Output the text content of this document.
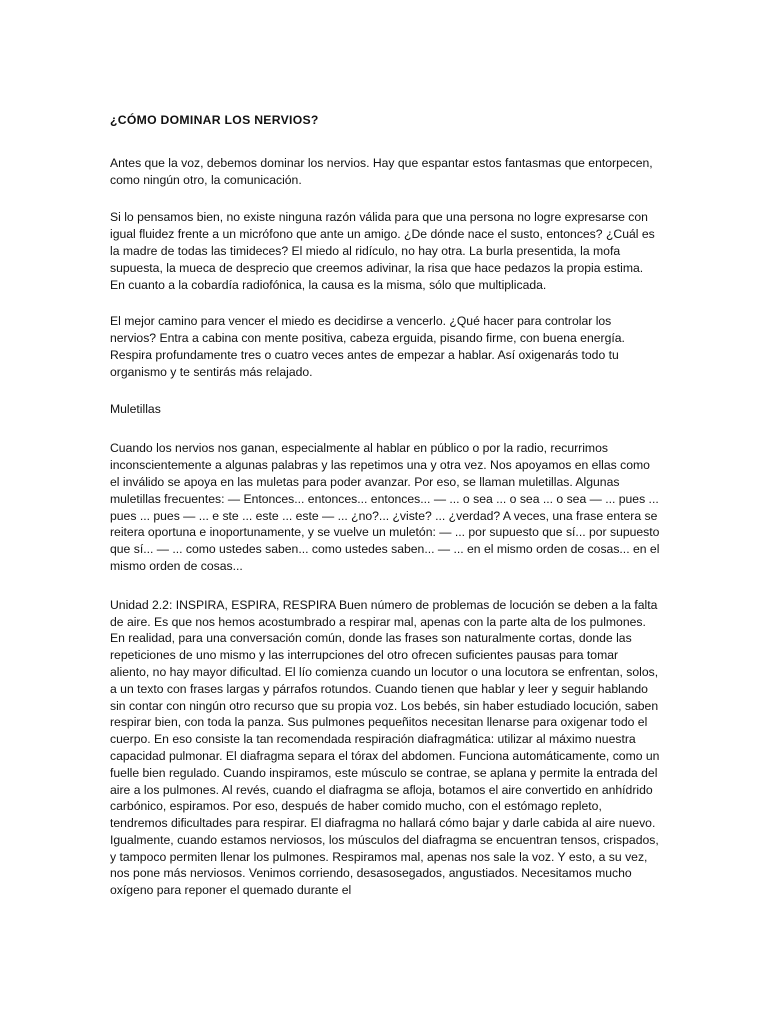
¿CÓMO DOMINAR LOS NERVIOS?

Antes que la voz, debemos dominar los nervios. Hay que espantar estos fantasmas que entorpecen, como ningún otro, la comunicación.

Si lo pensamos bien, no existe ninguna razón válida para que una persona no logre expresarse con igual fluidez frente a un micrófono que ante un amigo. ¿De dónde nace el susto, entonces? ¿Cuál es la madre de todas las timideces? El miedo al ridículo, no hay otra. La burla presentida, la mofa supuesta, la mueca de desprecio que creemos adivinar, la risa que hace pedazos la propia estima. En cuanto a la cobardía radiofónica, la causa es la misma, sólo que multiplicada.

El mejor camino para vencer el miedo es decidirse a vencerlo. ¿Qué hacer para controlar los nervios? Entra a cabina con mente positiva, cabeza erguida, pisando firme, con buena energía. Respira profundamente tres o cuatro veces antes de empezar a hablar. Así oxigenarás todo tu organismo y te sentirás más relajado.

Muletillas

Cuando los nervios nos ganan, especialmente al hablar en público o por la radio, recurrimos inconscientemente a algunas palabras y las repetimos una y otra vez. Nos apoyamos en ellas como el inválido se apoya en las muletas para poder avanzar. Por eso, se llaman muletillas. Algunas muletillas frecuentes: — Entonces... entonces... entonces... — ... o sea ... o sea ... o sea — ... pues ... pues ... pues — ... e ste ... este ... este — ... ¿no?... ¿viste? ... ¿verdad? A veces, una frase entera se reitera oportuna e inoportunamente, y se vuelve un muletón: — ... por supuesto que sí... por supuesto que sí... — ... como ustedes saben... como ustedes saben... — ... en el mismo orden de cosas... en el mismo orden de cosas...

Unidad 2.2: INSPIRA, ESPIRA, RESPIRA Buen número de problemas de locución se deben a la falta de aire. Es que nos hemos acostumbrado a respirar mal, apenas con la parte alta de los pulmones. En realidad, para una conversación común, donde las frases son naturalmente cortas, donde las repeticiones de uno mismo y las interrupciones del otro ofrecen suficientes pausas para tomar aliento, no hay mayor dificultad. El lío comienza cuando un locutor o una locutora se enfrentan, solos, a un texto con frases largas y párrafos rotundos. Cuando tienen que hablar y leer y seguir hablando sin contar con ningún otro recurso que su propia voz. Los bebés, sin haber estudiado locución, saben respirar bien, con toda la panza. Sus pulmones pequeñitos necesitan llenarse para oxigenar todo el cuerpo. En eso consiste la tan recomendada respiración diafragmática: utilizar al máximo nuestra capacidad pulmonar. El diafragma separa el tórax del abdomen. Funciona automáticamente, como un fuelle bien regulado. Cuando inspiramos, este músculo se contrae, se aplana y permite la entrada del aire a los pulmones. Al revés, cuando el diafragma se afloja, botamos el aire convertido en anhídrido carbónico, espiramos. Por eso, después de haber comido mucho, con el estómago repleto, tendremos dificultades para respirar. El diafragma no hallará cómo bajar y darle cabida al aire nuevo. Igualmente, cuando estamos nerviosos, los músculos del diafragma se encuentran tensos, crispados, y tampoco permiten llenar los pulmones. Respiramos mal, apenas nos sale la voz. Y esto, a su vez, nos pone más nerviosos. Venimos corriendo, desasosegados, angustiados. Necesitamos mucho oxígeno para reponer el quemado durante el
